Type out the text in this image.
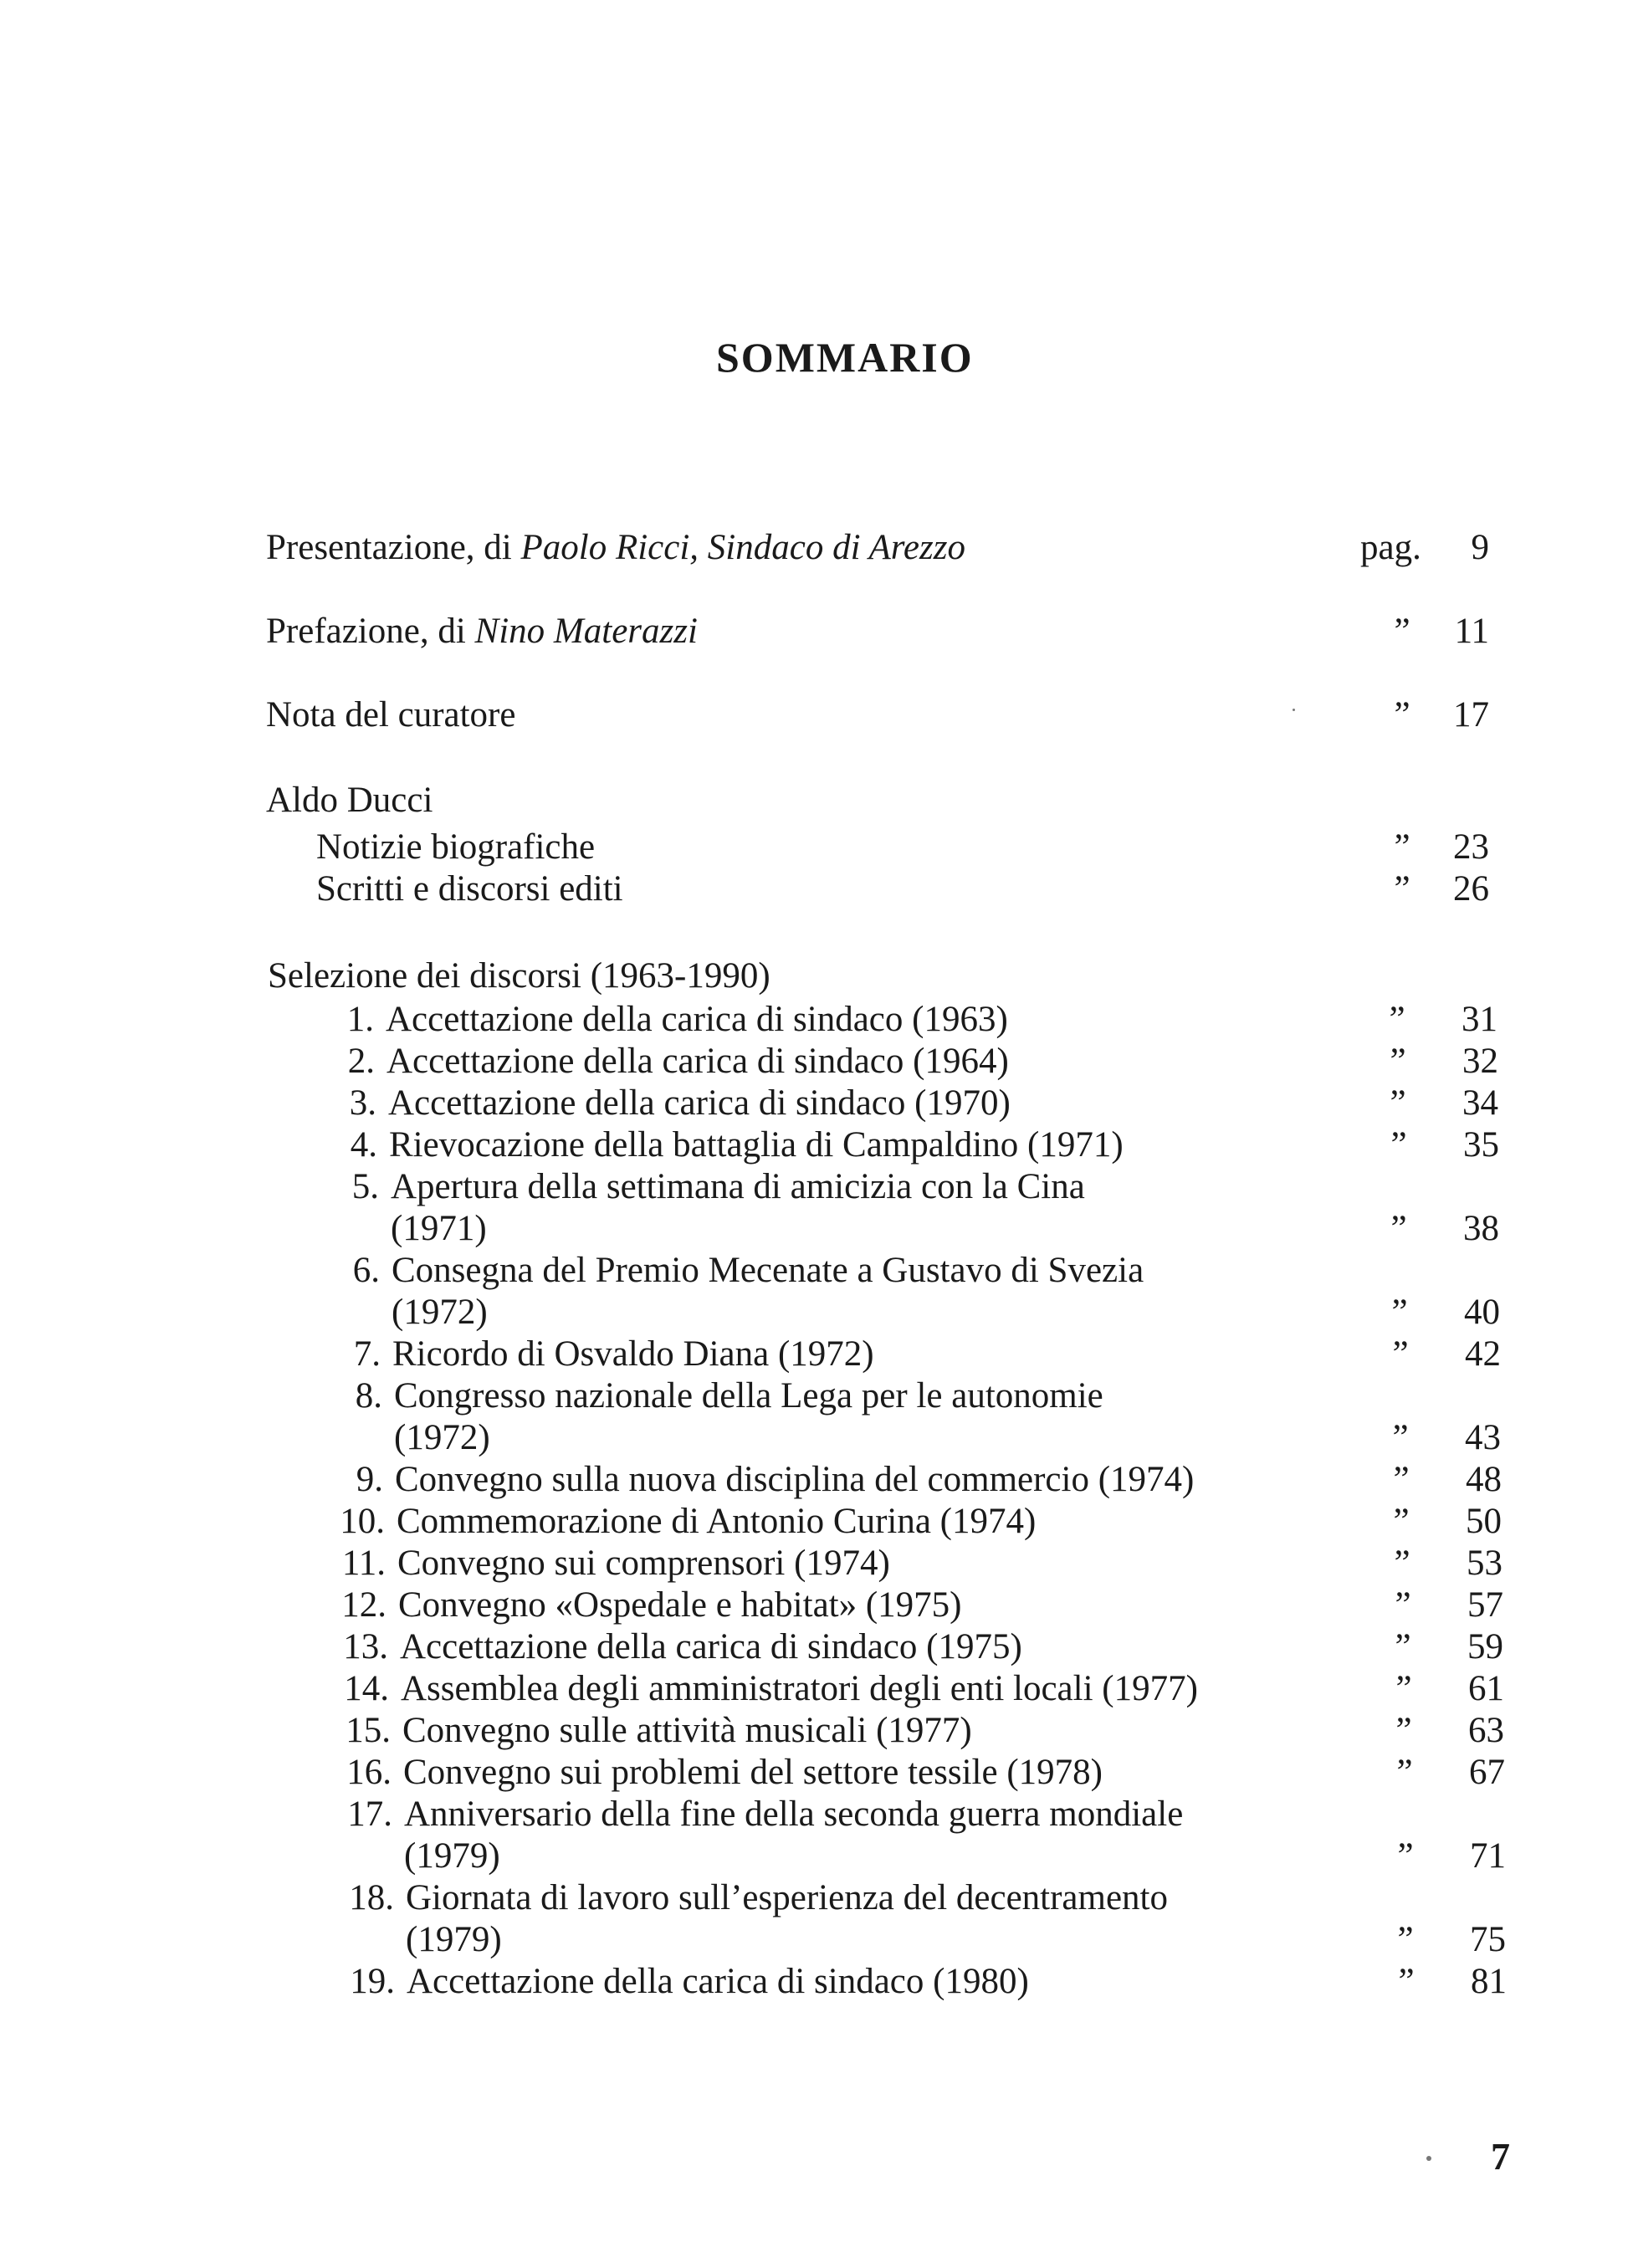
SOMMARIO
Presentazione, di Paolo Ricci, Sindaco di Arezzo	pag.	9
Prefazione, di Nino Materazzi	”	11
Nota del curatore	”	17
Aldo Ducci
Notizie biografiche	”	23
Scritti e discorsi editi	”	26
Selezione dei discorsi (1963-1990)
1. Accettazione della carica di sindaco (1963)	”	31
2. Accettazione della carica di sindaco (1964)	”	32
3. Accettazione della carica di sindaco (1970)	”	34
4. Rievocazione della battaglia di Campaldino (1971)	”	35
5. Apertura della settimana di amicizia con la Cina
(1971)	”	38
6. Consegna del Premio Mecenate a Gustavo di Svezia
(1972)	”	40
7. Ricordo di Osvaldo Diana (1972)	”	42
8. Congresso nazionale della Lega per le autonomie
(1972)	”	43
9. Convegno sulla nuova disciplina del commercio (1974)	”	48
10. Commemorazione di Antonio Curina (1974)	”	50
11. Convegno sui comprensori (1974)	”	53
12. Convegno «Ospedale e habitat» (1975)	”	57
13. Accettazione della carica di sindaco (1975)	”	59
14. Assemblea degli amministratori degli enti locali (1977)	”	61
15. Convegno sulle attività musicali (1977)	”	63
16. Convegno sui problemi del settore tessile (1978)	”	67
17. Anniversario della fine della seconda guerra mondiale
(1979)	”	71
18. Giornata di lavoro sull’esperienza del decentramento
(1979)	”	75
19. Accettazione della carica di sindaco (1980)	”	81
7
